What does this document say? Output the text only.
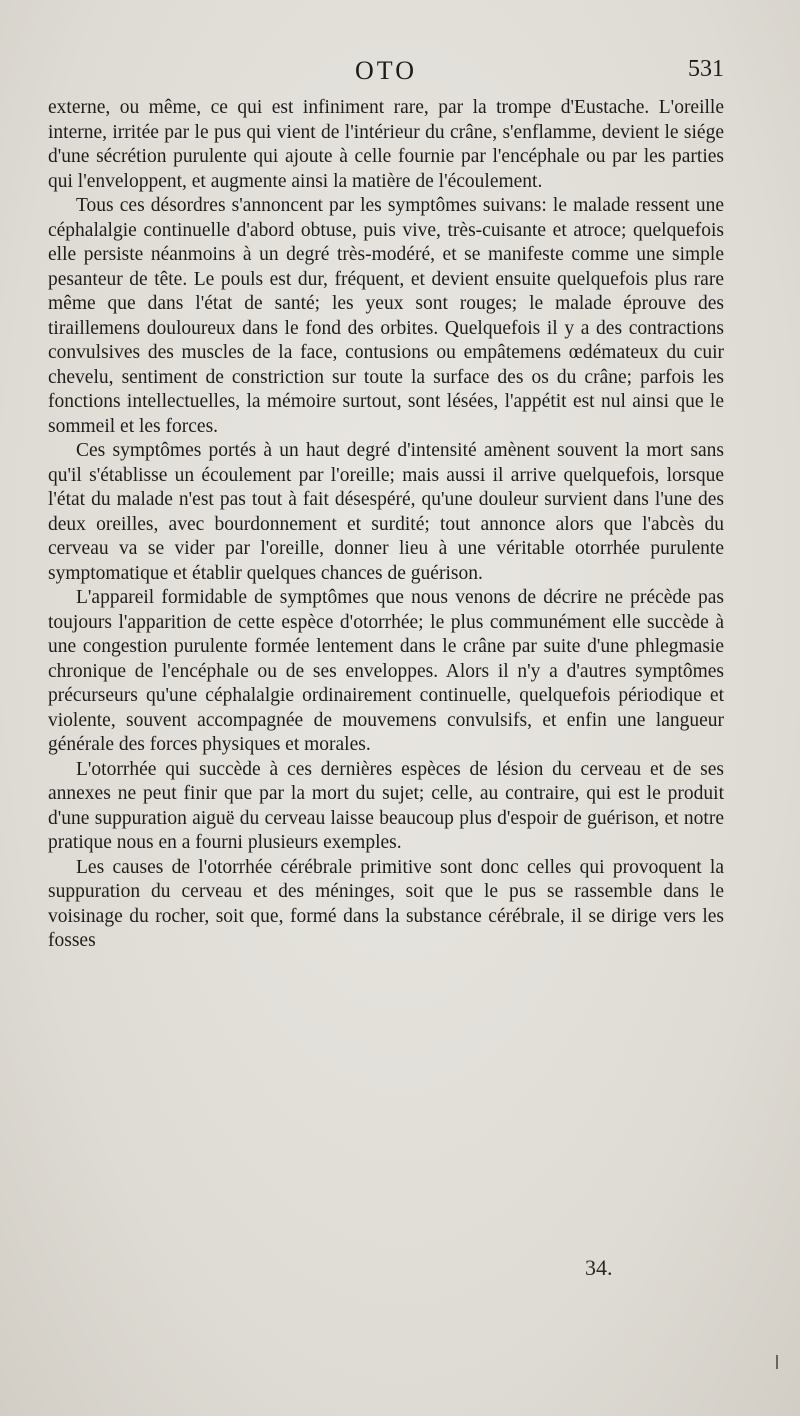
OTO	531

externe, ou même, ce qui est infiniment rare, par la trompe d'Eustache. L'oreille interne, irritée par le pus qui vient de l'intérieur du crâne, s'enflamme, devient le siége d'une sécrétion purulente qui ajoute à celle fournie par l'encéphale ou par les parties qui l'enveloppent, et augmente ainsi la matière de l'écoulement.

Tous ces désordres s'annoncent par les symptômes suivans: le malade ressent une céphalalgie continuelle d'abord obtuse, puis vive, très-cuisante et atroce; quelquefois elle persiste néanmoins à un degré très-modéré, et se manifeste comme une simple pesanteur de tête. Le pouls est dur, fréquent, et devient ensuite quelquefois plus rare même que dans l'état de santé; les yeux sont rouges; le malade éprouve des tiraillemens douloureux dans le fond des orbites. Quelquefois il y a des contractions convulsives des muscles de la face, contusions ou empâtemens œdémateux du cuir chevelu, sentiment de constriction sur toute la surface des os du crâne; parfois les fonctions intellectuelles, la mémoire surtout, sont lésées, l'appétit est nul ainsi que le sommeil et les forces.

Ces symptômes portés à un haut degré d'intensité amènent souvent la mort sans qu'il s'établisse un écoulement par l'oreille; mais aussi il arrive quelquefois, lorsque l'état du malade n'est pas tout à fait désespéré, qu'une douleur survient dans l'une des deux oreilles, avec bourdonnement et surdité; tout annonce alors que l'abcès du cerveau va se vider par l'oreille, donner lieu à une véritable otorrhée purulente symptomatique et établir quelques chances de guérison.

L'appareil formidable de symptômes que nous venons de décrire ne précède pas toujours l'apparition de cette espèce d'otorrhée; le plus communément elle succède à une congestion purulente formée lentement dans le crâne par suite d'une phlegmasie chronique de l'encéphale ou de ses enveloppes. Alors il n'y a d'autres symptômes précurseurs qu'une céphalalgie ordinairement continuelle, quelquefois périodique et violente, souvent accompagnée de mouvemens convulsifs, et enfin une langueur générale des forces physiques et morales.

L'otorrhée qui succède à ces dernières espèces de lésion du cerveau et de ses annexes ne peut finir que par la mort du sujet; celle, au contraire, qui est le produit d'une suppuration aiguë du cerveau laisse beaucoup plus d'espoir de guérison, et notre pratique nous en a fourni plusieurs exemples.

Les causes de l'otorrhée cérébrale primitive sont donc celles qui provoquent la suppuration du cerveau et des méninges, soit que le pus se rassemble dans le voisinage du rocher, soit que, formé dans la substance cérébrale, il se dirige vers les fosses

34.
